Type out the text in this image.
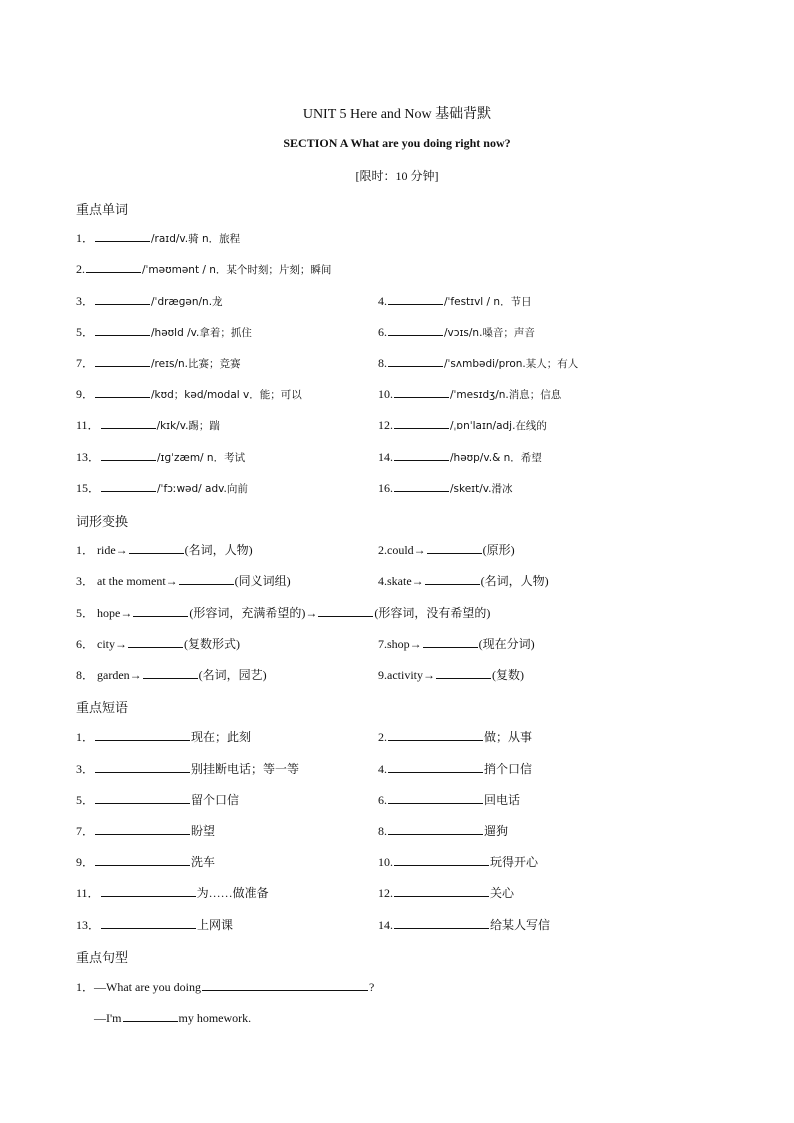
UNIT 5 Here and Now 基础背默
SECTION A What are you doing right now?
[限时：10 分钟]
重点单词
1．	/raɪd/v.骑 n．旅程
2.	/ˈməʊmənt / n．某个时刻；片刻；瞬间
3．	/ˈdræɡən/n.龙	4.	/ˈfestɪvl / n．节日
5．	/həʊld /v.拿着；抓住	6.	/vɔɪs/n.嗓音；声音
7．	/reɪs/n.比赛；竞赛	8.	/ˈsʌmbədi/pron.某人；有人
9．	/kʊd；kəd/modal v．能；可以	10.	/ˈmesɪdʒ/n.消息；信息
11．	/kɪk/v.踢；踹	12.	/ˌɒnˈlaɪn/adj.在线的
13．	/ɪɡˈzæm/ n．考试	14.	/həʊp/v.& n．希望
15．	/ˈfɔːwəd/ adv.向前	16.	/skeɪt/v.滑冰
词形变换
1． ride→	(名词，人物)	2.could→	(原形)
3． at the moment→	(同义词组)	4.skate→	(名词，人物)
5． hope→	(形容词，充满希望的)→	(形容词，没有希望的)
6． city→	(复数形式)	7.shop→	(现在分词)
8． garden→	(名词，园艺)	9.activity→	(复数)
重点短语
1．	现在；此刻	2.	做；从事
3．	别挂断电话；等一等	4.	捎个口信
5．	留个口信	6.	回电话
7．	盼望	8.	遛狗
9．	洗车	10.	玩得开心
11．	为……做准备	12.	关心
13．	上网课	14.	给某人写信
重点句型
1． —What are you doing	?
—I'm	my homework.
